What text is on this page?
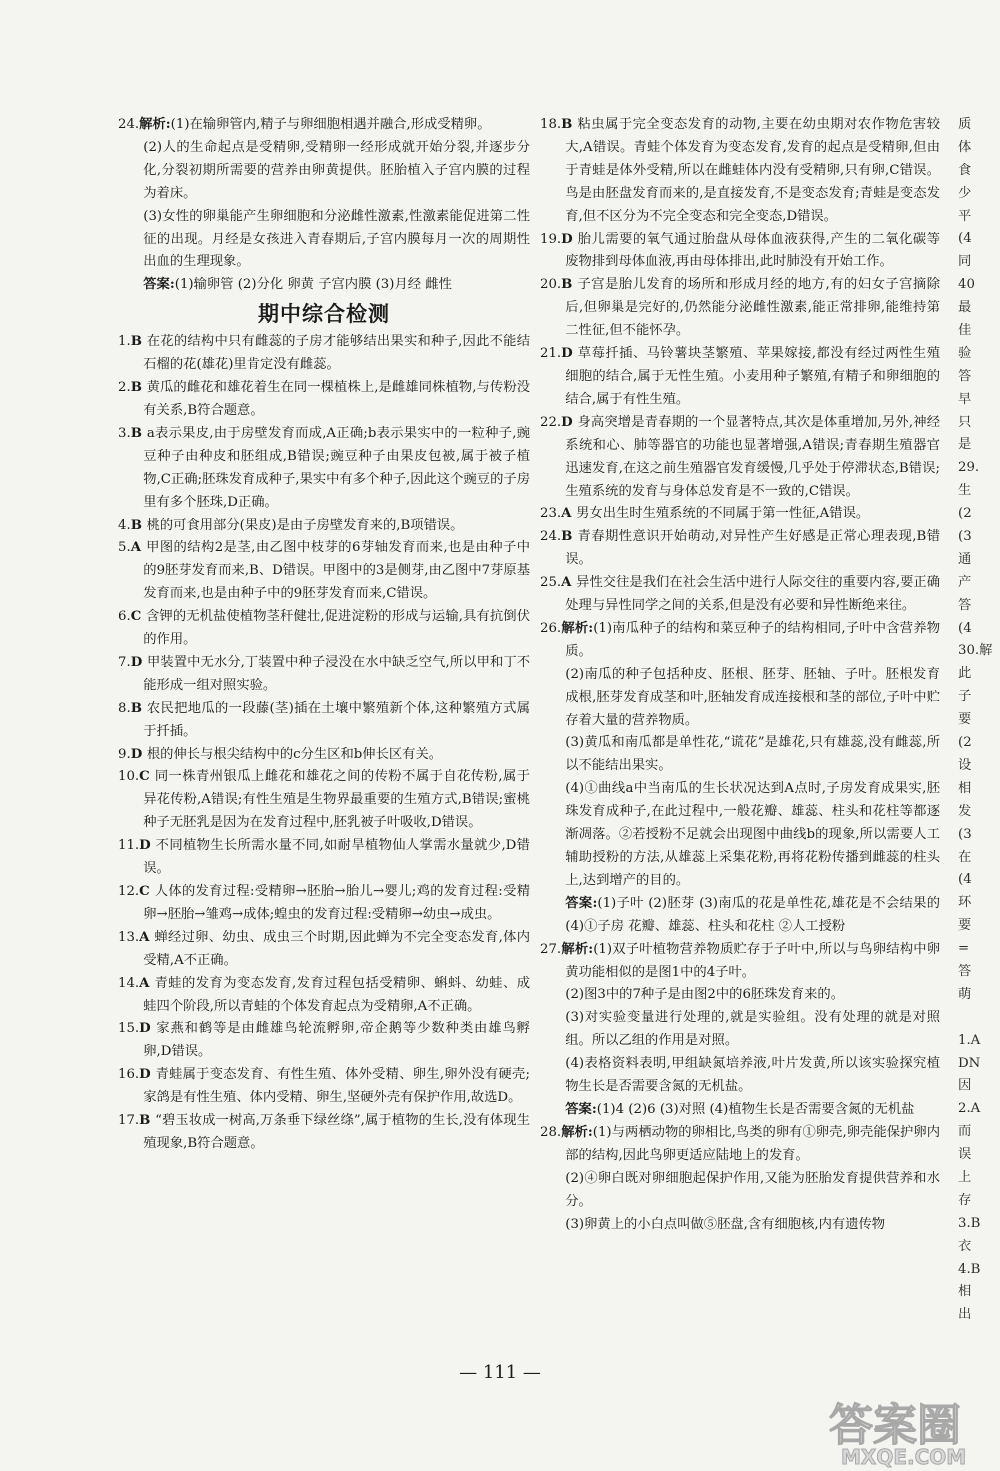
24.解析:(1)在输卵管内,精子与卵细胞相遇并融合,形成受精卵。

(2)人的生命起点是受精卵,受精卵一经形成就开始分裂,并逐步分化,分裂初期所需要的营养由卵黄提供。胚胎植入子宫内膜的过程为着床。

(3)女性的卵巢能产生卵细胞和分泌雌性激素,性激素能促进第二性征的出现。月经是女孩进入青春期后,子宫内膜每月一次的周期性出血的生理现象。

答案:(1)输卵管 (2)分化 卵黄 子宫内膜 (3)月经 雌性

期中综合检测

1.B 在花的结构中只有雌蕊的子房才能够结出果实和种子,因此不能结石榴的花(雄花)里肯定没有雌蕊。

2.B 黄瓜的雌花和雄花着生在同一棵植株上,是雌雄同株植物,与传粉没有关系,B符合题意。

3.B a表示果皮,由于房壁发育而成,A正确;b表示果实中的一粒种子,豌豆种子由种皮和胚组成,B错误;豌豆种子由果皮包被,属于被子植物,C正确;胚珠发育成种子,果实中有多个种子,因此这个豌豆的子房里有多个胚珠,D正确。

4.B 桃的可食用部分(果皮)是由子房壁发育来的,B项错误。

5.A 甲图的结构2是茎,由乙图中枝芽的6芽轴发育而来,也是由种子中的9胚芽发育而来,B、D错误。甲图中的3是侧芽,由乙图中7芽原基发育而来,也是由种子中的9胚芽发育而来,C错误。

6.C 含钾的无机盐使植物茎秆健壮,促进淀粉的形成与运输,具有抗倒伏的作用。

7.D 甲装置中无水分,丁装置中种子浸没在水中缺乏空气,所以甲和丁不能形成一组对照实验。

8.B 农民把地瓜的一段藤(茎)插在土壤中繁殖新个体,这种繁殖方式属于扦插。

9.D 根的伸长与根尖结构中的c分生区和b伸长区有关。

10.C 同一株青州银瓜上雌花和雄花之间的传粉不属于自花传粉,属于异花传粉,A错误;有性生殖是生物界最重要的生殖方式,B错误;蜜桃种子无胚乳是因为在发育过程中,胚乳被子叶吸收,D错误。

11.D 不同植物生长所需水量不同,如耐旱植物仙人掌需水量就少,D错误。

12.C 人体的发育过程:受精卵→胚胎→胎儿→婴儿;鸡的发育过程:受精卵→胚胎→雏鸡→成体;蝗虫的发育过程:受精卵→幼虫→成虫。

13.A 蝉经过卵、幼虫、成虫三个时期,因此蝉为不完全变态发育,体内受精,A不正确。

14.A 青蛙的发育为变态发育,发育过程包括受精卵、蝌蚪、幼蛙、成蛙四个阶段,所以青蛙的个体发育起点为受精卵,A不正确。

15.D 家燕和鹤等是由雌雄鸟轮流孵卵,帝企鹅等少数种类由雄鸟孵卵,D错误。

16.D 青蛙属于变态发育、有性生殖、体外受精、卵生,卵外没有硬壳;家鸽是有性生殖、体内受精、卵生,坚硬外壳有保护作用,故选D。

17.B “碧玉妆成一树高,万条垂下绿丝绦”,属于植物的生长,没有体现生殖现象,B符合题意。

18.B 粘虫属于完全变态发育的动物,主要在幼虫期对农作物危害较大,A错误。青蛙个体发育为变态发育,发育的起点是受精卵,但由于青蛙是体外受精,所以在雌蛙体内没有受精卵,只有卵,C错误。鸟是由胚盘发育而来的,是直接发育,不是变态发育;青蛙是变态发育,但不区分为不完全变态和完全变态,D错误。

19.D 胎儿需要的氧气通过胎盘从母体血液获得,产生的二氧化碳等废物排到母体血液,再由母体排出,此时肺没有开始工作。

20.B 子宫是胎儿发育的场所和形成月经的地方,有的妇女子宫摘除后,但卵巢是完好的,仍然能分泌雌性激素,能正常排卵,能维持第二性征,但不能怀孕。

21.D 草莓扦插、马铃薯块茎繁殖、苹果嫁接,都没有经过两性生殖细胞的结合,属于无性生殖。小麦用种子繁殖,有精子和卵细胞的结合,属于有性生殖。

22.D 身高突增是青春期的一个显著特点,其次是体重增加,另外,神经系统和心、肺等器官的功能也显著增强,A错误;青春期生殖器官迅速发育,在这之前生殖器官发育缓慢,几乎处于停滞状态,B错误;生殖系统的发育与身体总发育是不一致的,C错误。

23.A 男女出生时生殖系统的不同属于第一性征,A错误。

24.B 青春期性意识开始萌动,对异性产生好感是正常心理表现,B错误。

25.A 异性交往是我们在社会生活中进行人际交往的重要内容,要正确处理与异性同学之间的关系,但是没有必要和异性断绝来往。

26.解析:(1)南瓜种子的结构和菜豆种子的结构相同,子叶中含营养物质。

(2)南瓜的种子包括种皮、胚根、胚芽、胚轴、子叶。胚根发育成根,胚芽发育成茎和叶,胚轴发育成连接根和茎的部位,子叶中贮存着大量的营养物质。

(3)黄瓜和南瓜都是单性花,“谎花”是雄花,只有雄蕊,没有雌蕊,所以不能结出果实。

(4)①曲线a中当南瓜的生长状况达到A点时,子房发育成果实,胚珠发育成种子,在此过程中,一般花瓣、雄蕊、柱头和花柱等都逐渐凋落。②若授粉不足就会出现图中曲线b的现象,所以需要人工辅助授粉的方法,从雄蕊上采集花粉,再将花粉传播到雌蕊的柱头上,达到增产的目的。

答案:(1)子叶 (2)胚芽 (3)南瓜的花是单性花,雄花是不会结果的 (4)①子房 花瓣、雄蕊、柱头和花柱 ②人工授粉

27.解析:(1)双子叶植物营养物质贮存于子叶中,所以与鸟卵结构中卵黄功能相似的是图1中的4子叶。

(2)图3中的7种子是由图2中的6胚珠发育来的。

(3)对实验变量进行处理的,就是实验组。没有处理的就是对照组。所以乙组的作用是对照。

(4)表格资料表明,甲组缺氮培养液,叶片发黄,所以该实验探究植物生长是否需要含氮的无机盐。

答案:(1)4 (2)6 (3)对照 (4)植物生长是否需要含氮的无机盐

28.解析:(1)与两栖动物的卵相比,鸟类的卵有①卵壳,卵壳能保护卵内部的结构,因此鸟卵更适应陆地上的发育。

(2)④卵白既对卵细胞起保护作用,又能为胚胎发育提供营养和水分。

(3)卵黄上的小白点叫做⑤胚盘,含有细胞核,内有遗传物

质
体
食
少
平
(4
同
40
最
佳
验
答
早
只
是
29.
生
(2
(3
通
产
答
(4
30.解
此
子
要
(2
设
相
发
(3
在
(4
环
要
=
答
萌
1.A
DN
因
2.A
而
误
上
存
3.B
衣
4.B
相
出
— 111 —
答案圈
MXQE.COM
